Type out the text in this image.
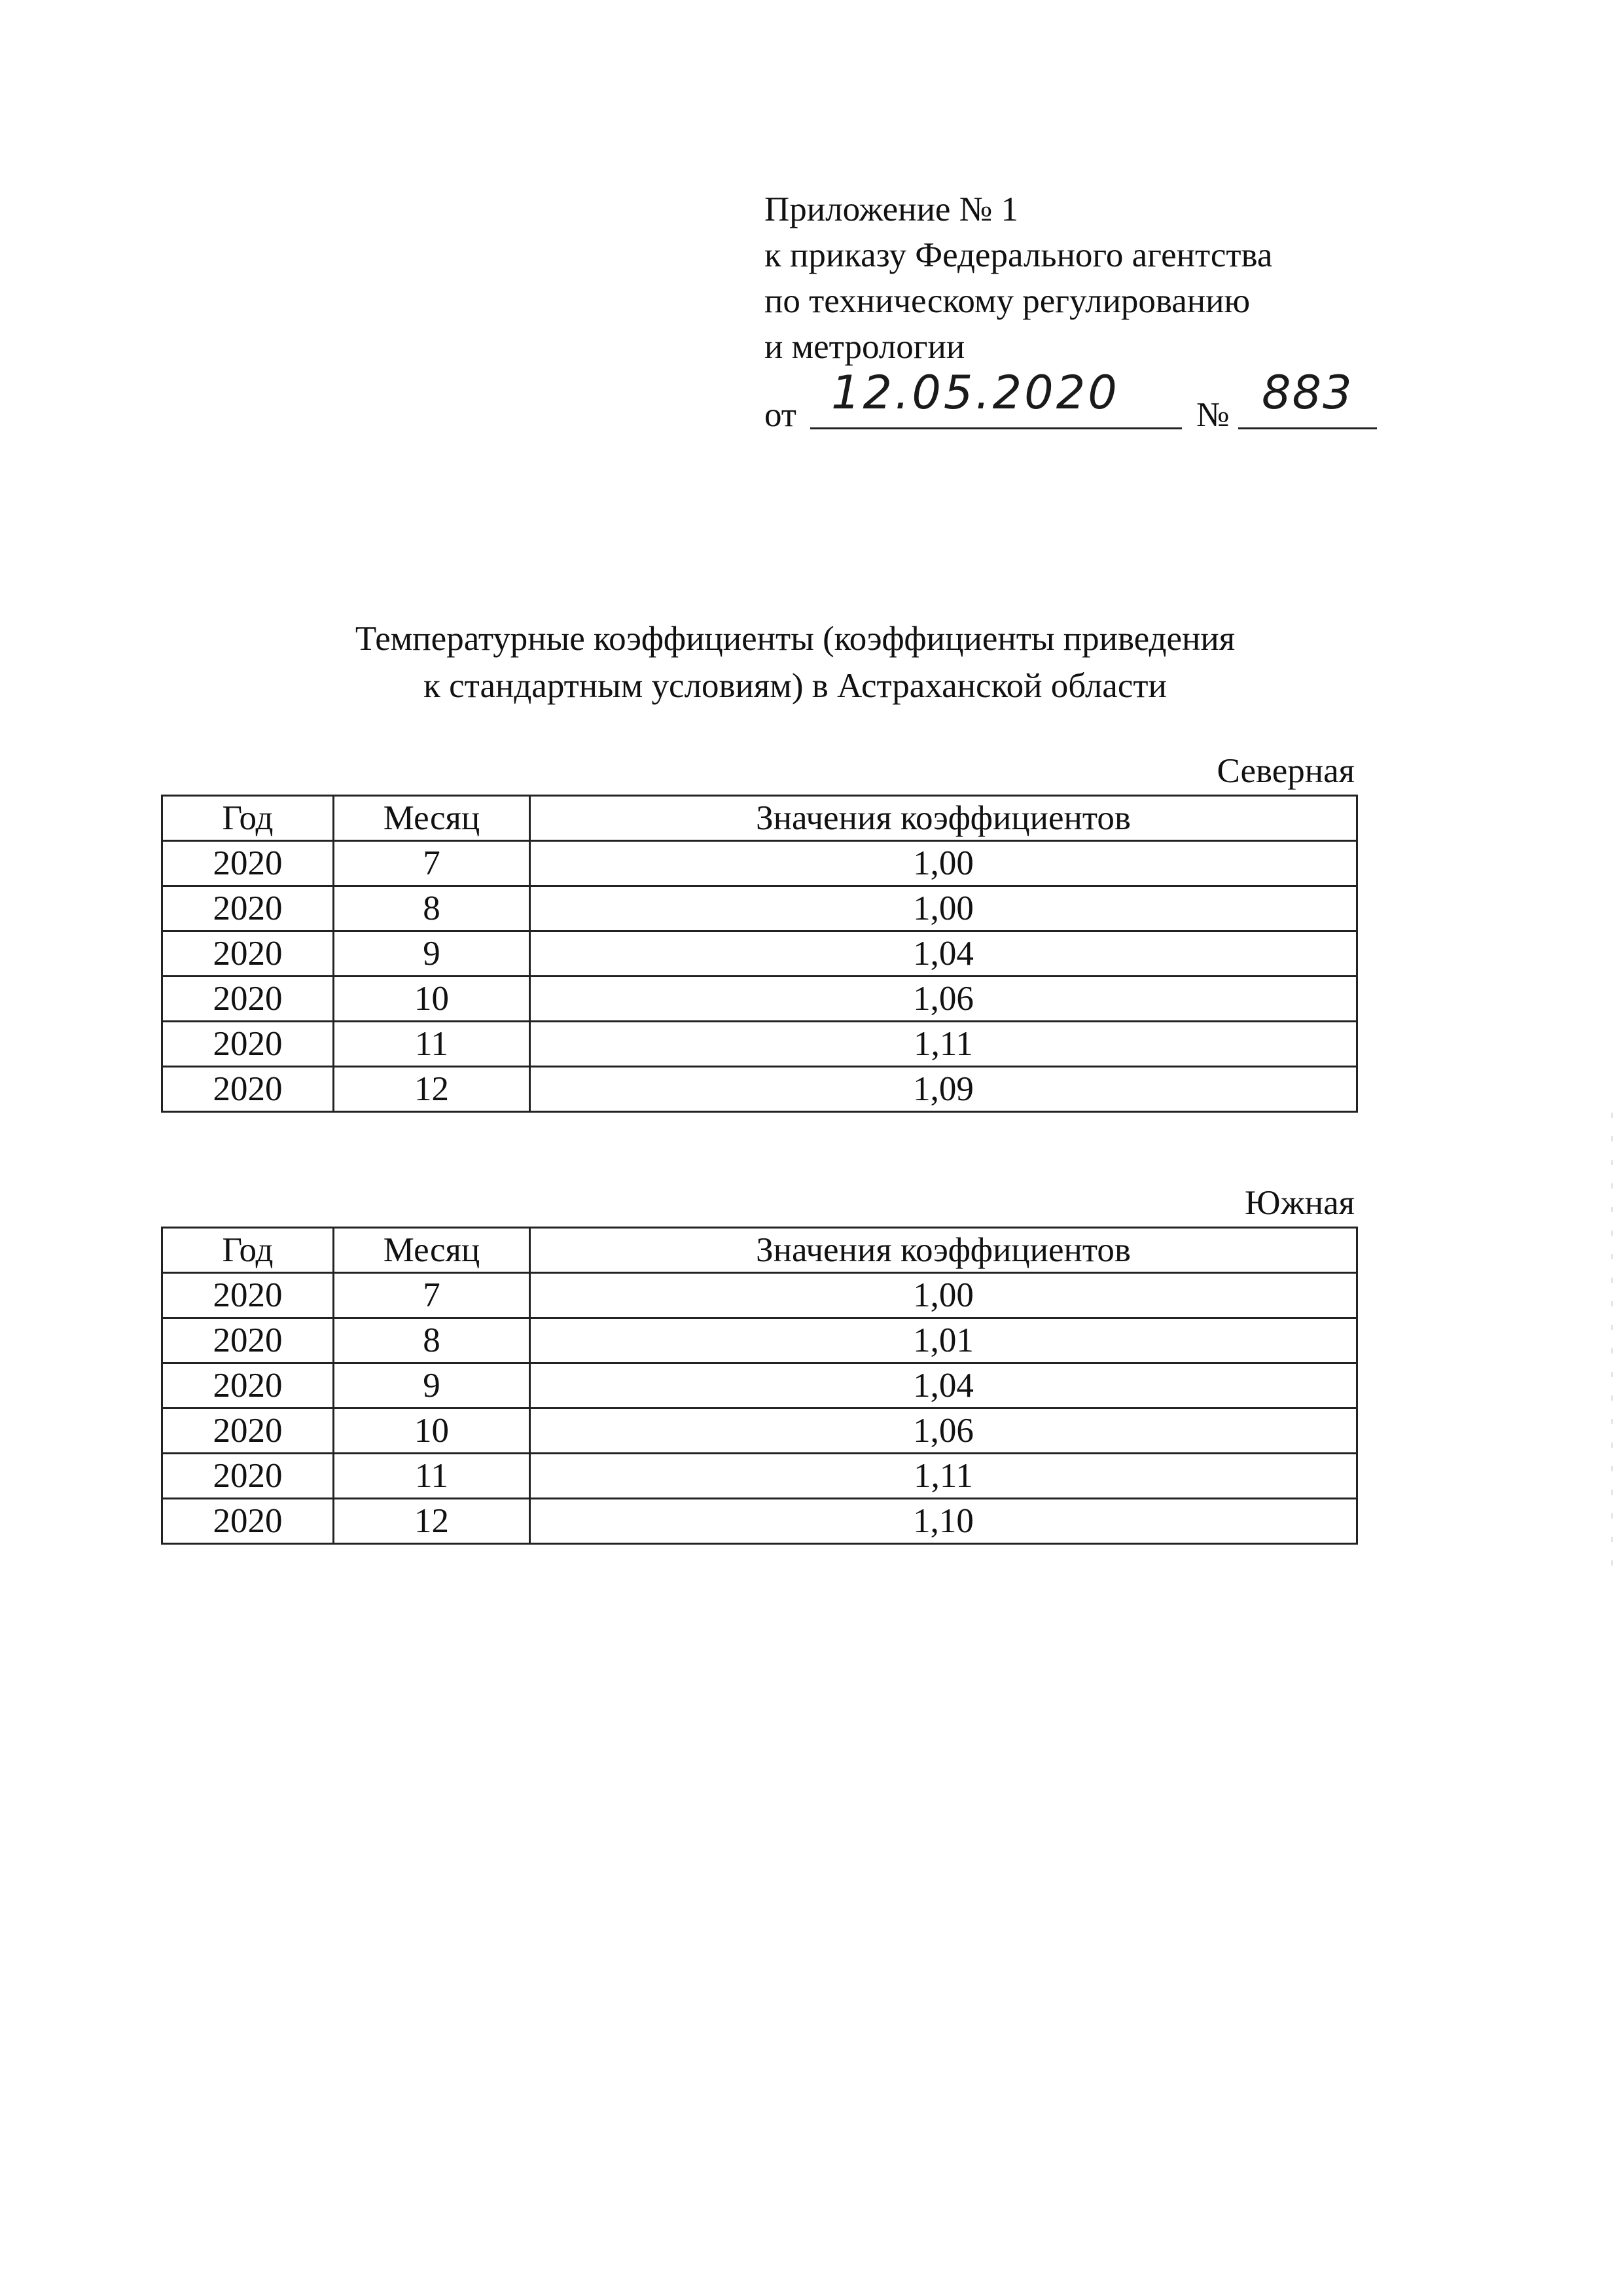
Приложение № 1
к приказу Федерального агентства
по техническому регулированию
и метрологии
от 12.05.2020 № 883
Температурные коэффициенты (коэффициенты приведения
к стандартным условиям) в Астраханской области
Северная
Год	Месяц	Значения коэффициентов
2020	7	1,00
2020	8	1,00
2020	9	1,04
2020	10	1,06
2020	11	1,11
2020	12	1,09
Южная
Год	Месяц	Значения коэффициентов
2020	7	1,00
2020	8	1,01
2020	9	1,04
2020	10	1,06
2020	11	1,11
2020	12	1,10
